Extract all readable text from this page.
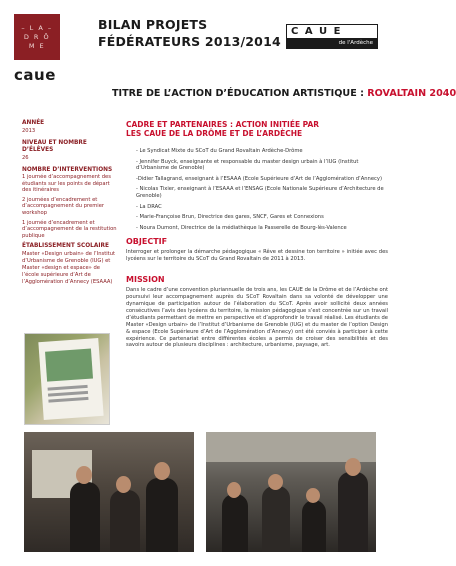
– L A –
D R Ô
M E
caue
BILAN PROJETS
FÉDÉRATEURS 2013/2014
C A U E
de l'Ardèche
TITRE DE L’ACTION D’ÉDUCATION ARTISTIQUE : ROVALTAIN 2040
ANNÉE
2013
NIVEAU ET NOMBRE D’ÉLÈVES
26
NOMBRE D’INTERVENTIONS
1 journée d’accompagnement des étudiants sur les points de départ des itinéraires
2 journées d’encadrement et d’accompagnement du premier workshop
1 journée d’encadrement et d’accompagnement de la restitution publique
ÉTABLISSEMENT SCOLAIRE
Master «Design urbain» de l’Institut d’Urbanisme de Grenoble (IUG) et Master «design et espace» de l’école supérieure d’Art de l’Agglomération d’Annecy (ESAAA)
CADRE ET PARTENAIRES : ACTION INITIÉE PAR
LES CAUE DE LA DRÔME ET DE L’ARDÈCHE
- Le Syndicat Mixte du SCoT du Grand Rovaltain Ardèche-Drôme
- Jennifer Buyck, enseignante et responsable du master design urbain à l’IUG (Institut d’Urbanisme de Grenoble)
-Didier Tallagrand, enseignant à l’ESAAA (Ecole Supérieure d’Art de l’Agglomération d’Annecy)
- Nicolas Tixier, enseignant à l’ESAAA et l’ENSAG (Ecole Nationale Supérieure d’Architecture de Grenoble)
- La DRAC
- Marie-Françoise Brun, Directrice des gares, SNCF, Gares et Connexions
- Noura Dumont, Directrice de la médiathèque la Passerelle de Bourg-lès-Valence
OBJECTIF
Interroger et prolonger la démarche pédagogique « Rêve et dessine ton territoire » initiée avec des lycéens sur le territoire du SCoT du Grand Rovaltain de 2011 à 2013.
MISSION
Dans le cadre d’une convention pluriannuelle de trois ans, les CAUE de la Drôme et de l’Ardèche ont poursuivi leur accompagnement auprès du SCoT Rovaltain dans sa volonté de développer une dynamique de participation autour de l’élaboration du SCoT. Après avoir sollicité deux années consécutives l’avis des lycéens du territoire, la mission pédagogique s’est concentrée sur un travail d’étudiants permettant de mettre en perspective et d’approfondir le travail réalisé. Les étudiants de Master «Design urbain» de l’Institut d’Urbanisme de Grenoble (IUG) et du master de l’option Design & espace (Ecole Supérieure d’Art de l’Agglomération d’Annecy) ont été conviés à participer à cette expérience. Ce partenariat entre différentes écoles a permis de croiser des sensibilités et des savoirs autour de plusieurs disciplines : architecture, urbanisme, paysage, art.
